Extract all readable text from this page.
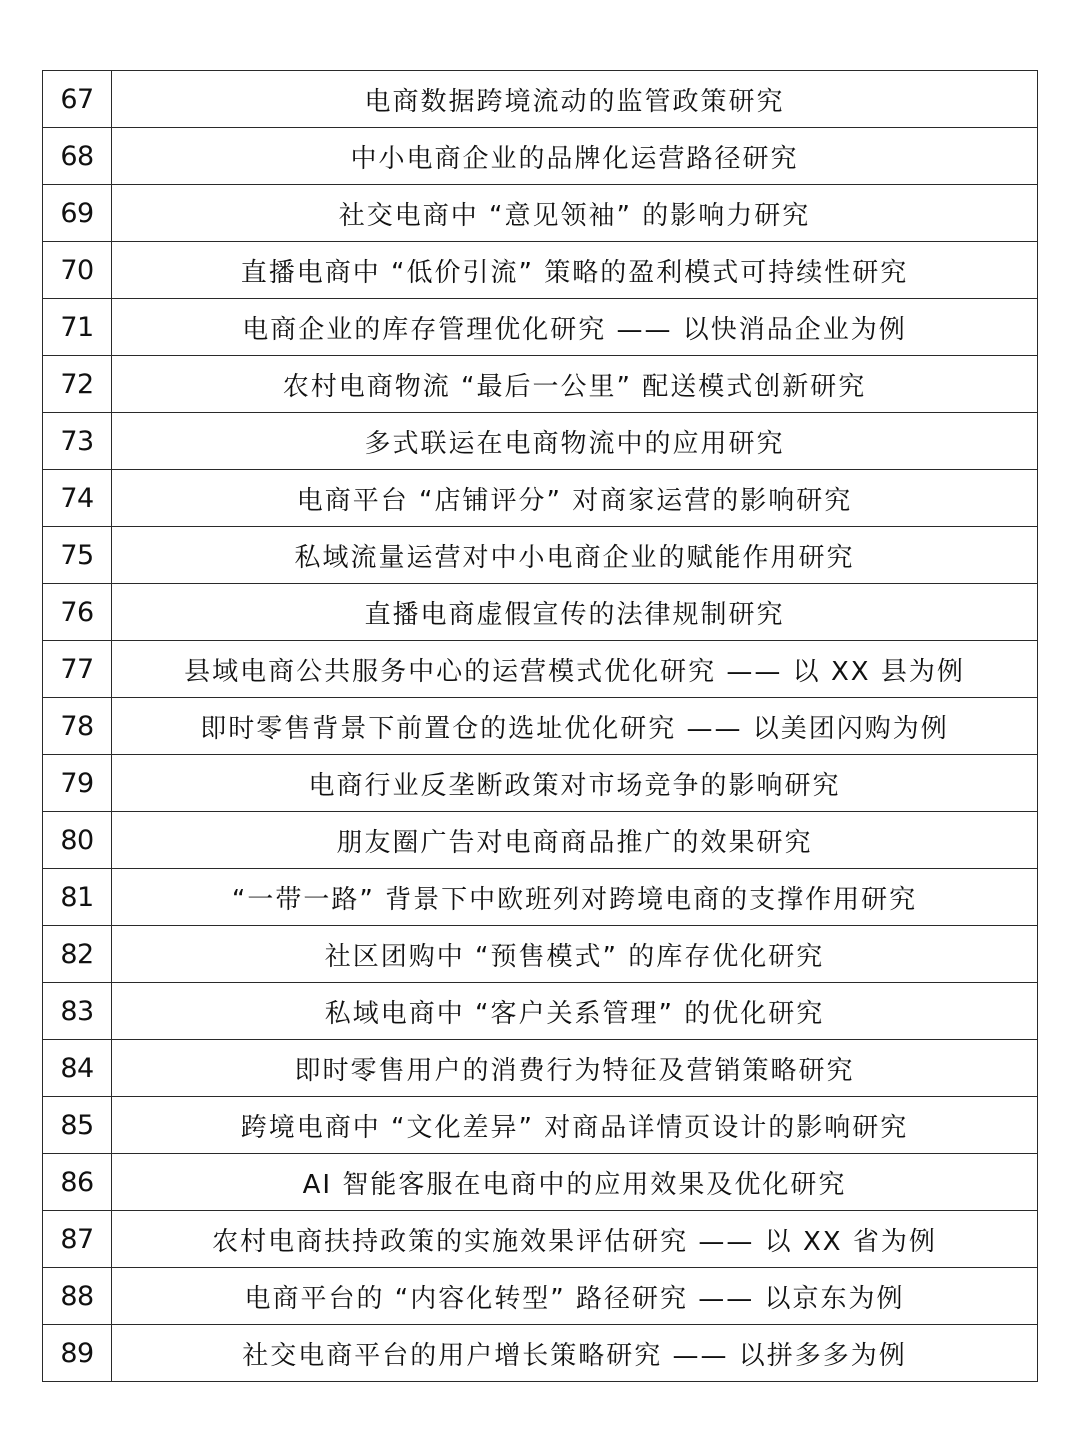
67	电商数据跨境流动的监管政策研究
68	中小电商企业的品牌化运营路径研究
69	社交电商中 “意见领袖” 的影响力研究
70	直播电商中 “低价引流” 策略的盈利模式可持续性研究
71	电商企业的库存管理优化研究 —— 以快消品企业为例
72	农村电商物流 “最后一公里” 配送模式创新研究
73	多式联运在电商物流中的应用研究
74	电商平台 “店铺评分” 对商家运营的影响研究
75	私域流量运营对中小电商企业的赋能作用研究
76	直播电商虚假宣传的法律规制研究
77	县域电商公共服务中心的运营模式优化研究 —— 以 XX 县为例
78	即时零售背景下前置仓的选址优化研究 —— 以美团闪购为例
79	电商行业反垄断政策对市场竞争的影响研究
80	朋友圈广告对电商商品推广的效果研究
81	“一带一路” 背景下中欧班列对跨境电商的支撑作用研究
82	社区团购中 “预售模式” 的库存优化研究
83	私域电商中 “客户关系管理” 的优化研究
84	即时零售用户的消费行为特征及营销策略研究
85	跨境电商中 “文化差异” 对商品详情页设计的影响研究
86	AI 智能客服在电商中的应用效果及优化研究
87	农村电商扶持政策的实施效果评估研究 —— 以 XX 省为例
88	电商平台的 “内容化转型” 路径研究 —— 以京东为例
89	社交电商平台的用户增长策略研究 —— 以拼多多为例
